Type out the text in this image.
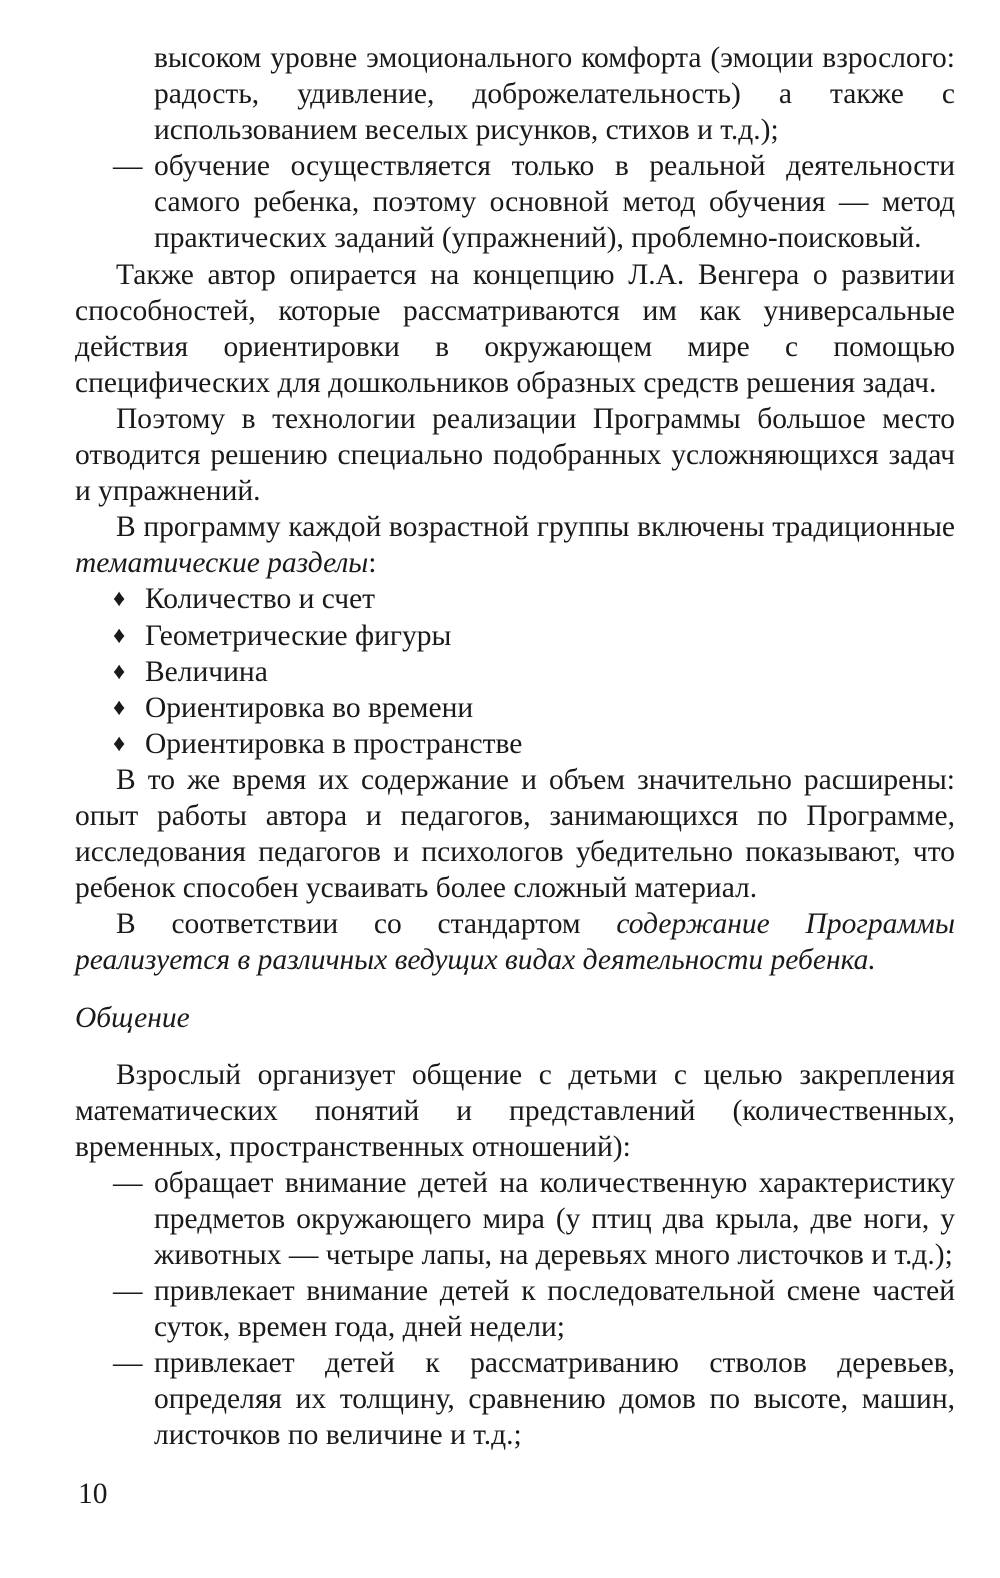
высоком уровне эмоционального комфорта (эмоции взрослого: радость, удивление, доброжелательность) а также с использованием веселых рисунков, стихов и т.д.);

— обучение осуществляется только в реальной деятельности самого ребенка, поэтому основной метод обучения — метод практических заданий (упражнений), проблемно-поисковый.

Также автор опирается на концепцию Л.А. Венгера о развитии способностей, которые рассматриваются им как универсальные действия ориентировки в окружающем мире с помощью специфических для дошкольников образных средств решения задач.

Поэтому в технологии реализации Программы большое место отводится решению специально подобранных усложняющихся задач и упражнений.

В программу каждой возрастной группы включены традиционные тематические разделы:

♦ Количество и счет
♦ Геометрические фигуры
♦ Величина
♦ Ориентировка во времени
♦ Ориентировка в пространстве

В то же время их содержание и объем значительно расширены: опыт работы автора и педагогов, занимающихся по Программе, исследования педагогов и психологов убедительно показывают, что ребенок способен усваивать более сложный материал.

В соответствии со стандартом содержание Программы реализуется в различных ведущих видах деятельности ребенка.

Общение

Взрослый организует общение с детьми с целью закрепления математических понятий и представлений (количественных, временных, пространственных отношений):

— обращает внимание детей на количественную характеристику предметов окружающего мира (у птиц два крыла, две ноги, у животных — четыре лапы, на деревьях много листочков и т.д.);
— привлекает внимание детей к последовательной смене частей суток, времен года, дней недели;
— привлекает детей к рассматриванию стволов деревьев, определяя их толщину, сравнению домов по высоте, машин, листочков по величине и т.д.;
10
